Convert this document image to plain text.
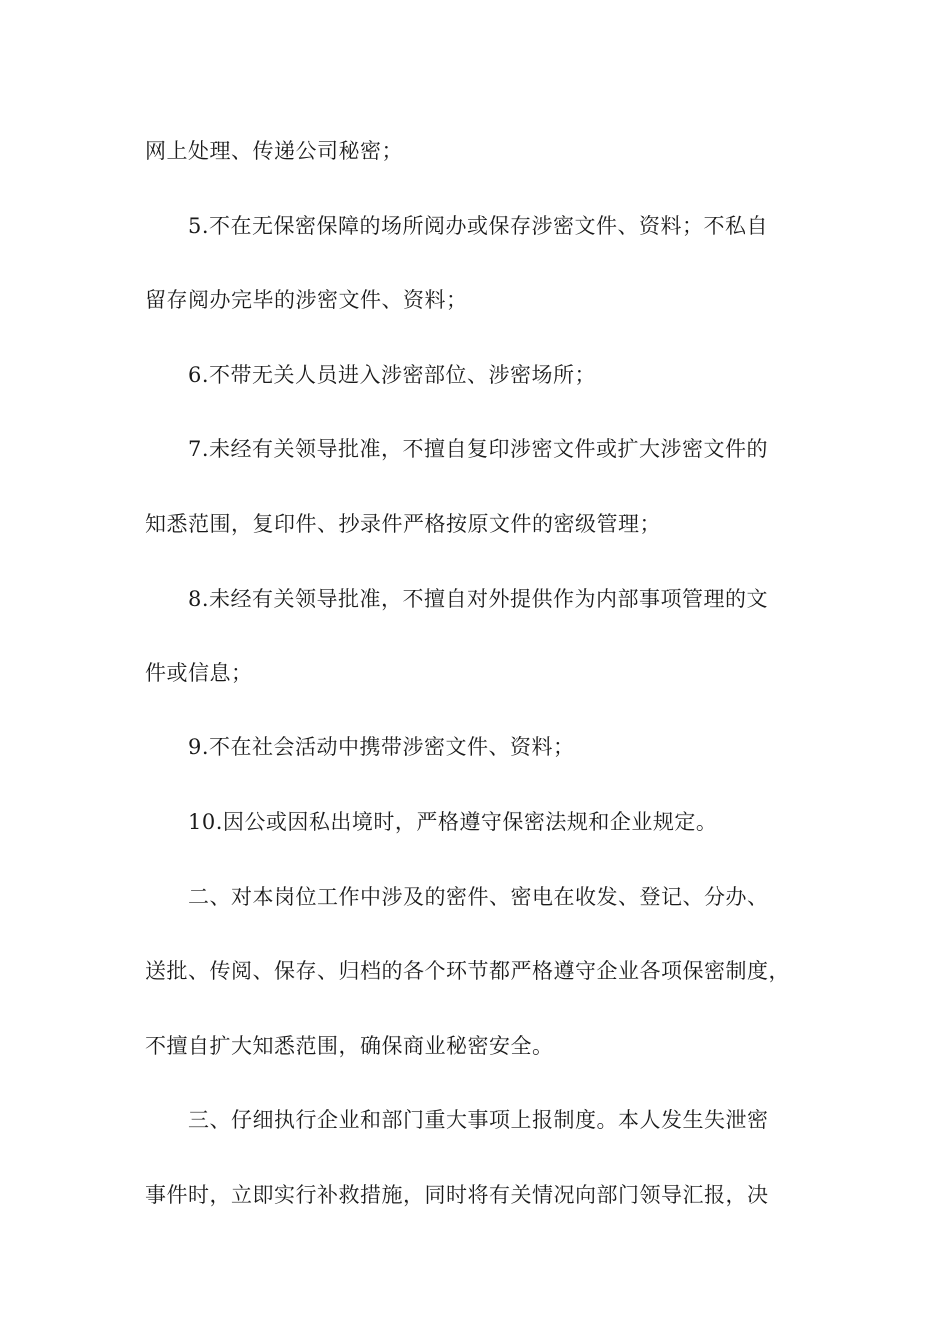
网上处理、传递公司秘密；
5.不在无保密保障的场所阅办或保存涉密文件、资料；不私自
留存阅办完毕的涉密文件、资料；
6.不带无关人员进入涉密部位、涉密场所；
7.未经有关领导批准，不擅自复印涉密文件或扩大涉密文件的
知悉范围，复印件、抄录件严格按原文件的密级管理；
8.未经有关领导批准，不擅自对外提供作为内部事项管理的文
件或信息；
9.不在社会活动中携带涉密文件、资料；
10.因公或因私出境时，严格遵守保密法规和企业规定。
二、对本岗位工作中涉及的密件、密电在收发、登记、分办、
送批、传阅、保存、归档的各个环节都严格遵守企业各项保密制度，
不擅自扩大知悉范围，确保商业秘密安全。
三、仔细执行企业和部门重大事项上报制度。本人发生失泄密
事件时，立即实行补救措施，同时将有关情况向部门领导汇报，决
